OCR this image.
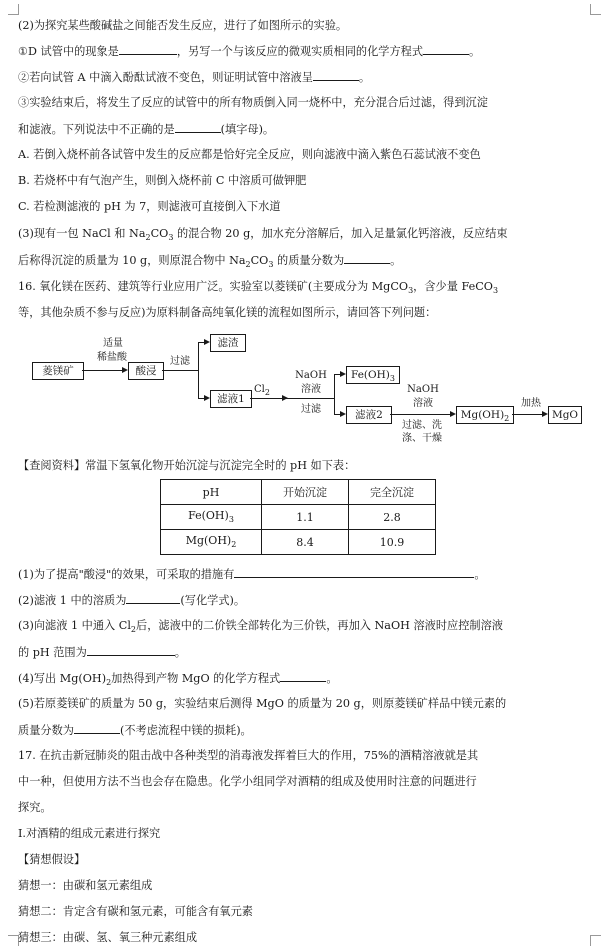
(2)为探究某些酸碱盐之间能否发生反应，进行了如图所示的实验。
①D 试管中的现象是	，另写一个与该反应的微观实质相同的化学方程式	。
②若向试管 A 中滴入酚酞试液不变色，则证明试管中溶液呈	。
③实验结束后，将发生了反应的试管中的所有物质倒入同一烧杯中，充分混合后过滤，得到沉淀
和滤液。下列说法中不正确的是	(填字母)。
A. 若倒入烧杯前各试管中发生的反应都是恰好完全反应，则向滤液中滴入紫色石蕊试液不变色
B. 若烧杯中有气泡产生，则倒入烧杯前 C 中溶质可做钾肥
C. 若检测滤液的 pH 为 7，则滤液可直接倒入下水道
(3)现有一包 NaCl 和 $Na_2CO_3$ 的混合物 20 g，加水充分溶解后，加入足量氯化钙溶液，反应结束
后称得沉淀的质量为 10 g，则原混合物中 $Na_2CO_3$ 的质量分数为	。
16. 氧化镁在医药、建筑等行业应用广泛。实验室以菱镁矿(主要成分为 MgCO$_3$，含少量 FeCO$_3$
等，其他杂质不参与反应)为原料制备高纯氧化镁的流程如图所示，请回答下列问题：
菱镁矿
适量
稀盐酸
酸浸
过滤
滤渣
滤液1
$Cl_2$
NaOH
溶液
过滤
$Fe(OH)_3$
滤液2
NaOH
溶液
过滤、洗
涤、干燥
$Mg(OH)_2$
加热
MgO
【查阅资料】常温下氢氧化物开始沉淀与沉淀完全时的 pH 如下表：
pH	开始沉淀	完全沉淀
$Fe(OH)_3$	1.1	2.8
$Mg(OH)_2$	8.4	10.9
(1)为了提高"酸浸"的效果，可采取的措施有	。
(2)滤液 1 中的溶质为	(写化学式)。
(3)向滤液 1 中通入 $Cl_2$后，滤液中的二价铁全部转化为三价铁，再加入 NaOH 溶液时应控制溶液
的 pH 范围为	。
(4)写出 $Mg(OH)_2$加热得到产物 MgO 的化学方程式	。
(5)若原菱镁矿的质量为 50 g，实验结束后测得 MgO 的质量为 20 g，则原菱镁矿样品中镁元素的
质量分数为	(不考虑流程中镁的损耗)。
17. 在抗击新冠肺炎的阻击战中各种类型的消毒液发挥着巨大的作用，75%的酒精溶液就是其
中一种，但使用方法不当也会存在隐患。化学小组同学对酒精的组成及使用时注意的问题进行
探究。
Ⅰ.对酒精的组成元素进行探究
【猜想假设】
猜想一：由碳和氢元素组成
猜想二：肯定含有碳和氢元素，可能含有氧元素
猜想三：由碳、氢、氧三种元素组成
